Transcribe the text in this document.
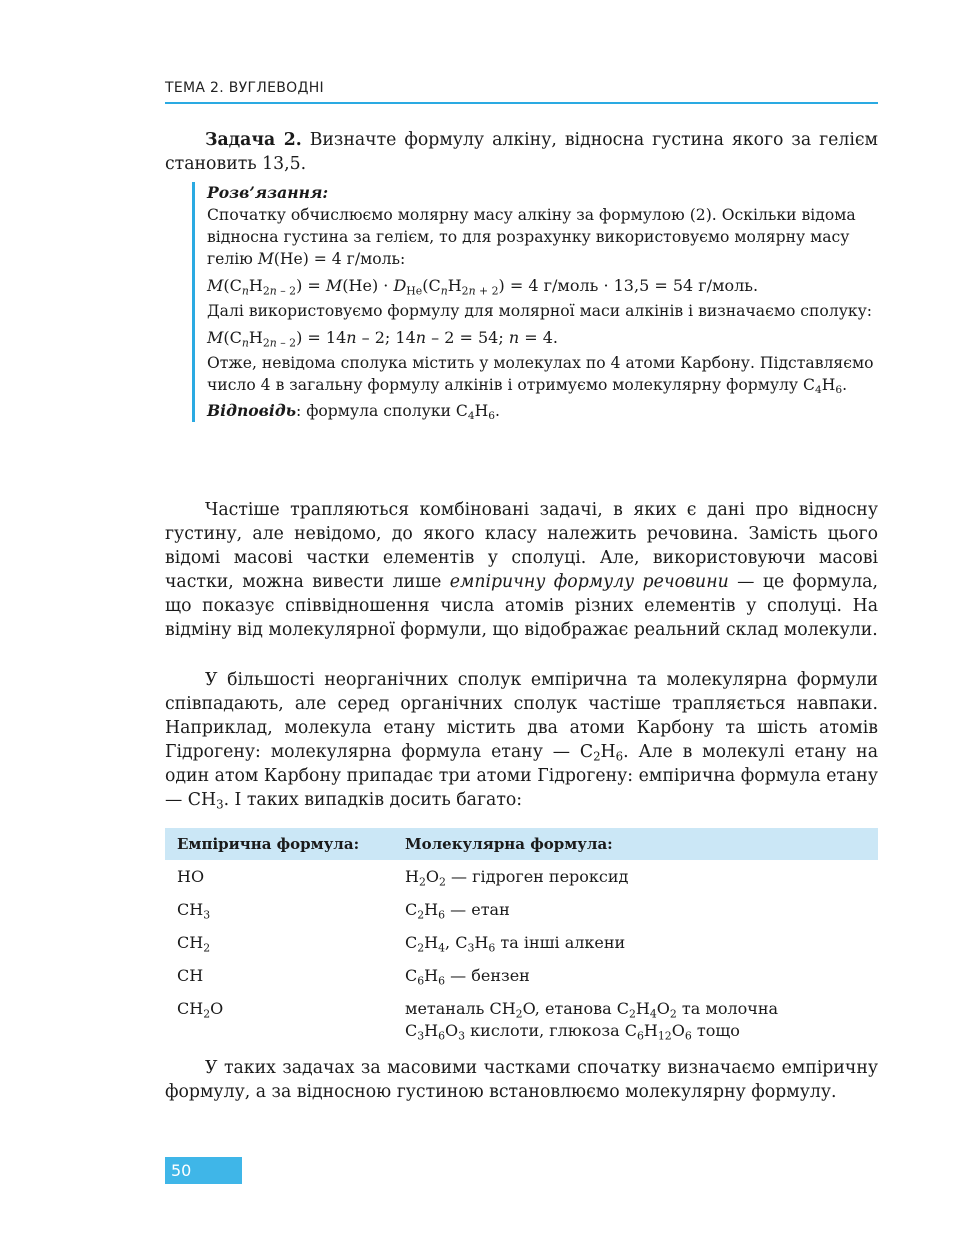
ТЕМА 2. ВУГЛЕВОДНІ

Задача 2. Визначте формулу алкіну, відносна густина якого за гелієм становить 13,5.

Розв’язання:

Спочатку обчислюємо молярну масу алкіну за формулою (2). Оскільки відома відносна густина за гелієм, то для розрахунку використовуємо молярну масу гелію M(He) = 4 г/моль:

$M(C_nH_{2n - 2}) = M(He) \cdot D_{He}(C_nH_{2n + 2}) = 4$ г/моль · 13,5 = 54 г/моль.

Далі використовуємо формулу для молярної маси алкінів і визначаємо сполуку:

$M(C_nH_{2n - 2}) = 14n - 2$; 14n – 2 = 54; n = 4.

Отже, невідома сполука містить у молекулах по 4 атоми Карбону. Підставляємо число 4 в загальну формулу алкінів і отримуємо молекулярну формулу $C_4H_6$.

Відповідь: формула сполуки $C_4H_6$.

Частіше трапляються комбіновані задачі, в яких є дані про відносну густину, але невідомо, до якого класу належить речовина. Замість цього відомі масові частки елементів у сполуці. Але, використовуючи масові частки, можна вивести лише емпіричну формулу речовини — це формула, що показує співвідношення числа атомів різних елементів у сполуці. На відміну від молекулярної формули, що відображає реальний склад молекули.

У більшості неорганічних сполук емпірична та молекулярна формули співпадають, але серед органічних сполук частіше трапляється навпаки. Наприклад, молекула етану містить два атоми Карбону та шість атомів Гідрогену: молекулярна формула етану — $C_2H_6$. Але в молекулі етану на один атом Карбону припадає три атоми Гідрогену: емпірична формула етану — $CH_3$. І таких випадків досить багато:

Емпірична формула:	Молекулярна формула:
HO	$H_2O_2$ — гідроген пероксид
$CH_3$	$C_2H_6$ — етан
$CH_2$	$C_2H_4$, $C_3H_6$ та інші алкени
CH	$C_6H_6$ — бензен
$CH_2O$	метаналь $CH_2O$, етанова $C_2H_4O_2$ та молочна
$C_3H_6O_3$ кислоти, глюкоза $C_6H_{12}O_6$ тощо

У таких задачах за масовими частками спочатку визначаємо емпіричну формулу, а за відносною густиною встановлюємо молекулярну формулу.

50
